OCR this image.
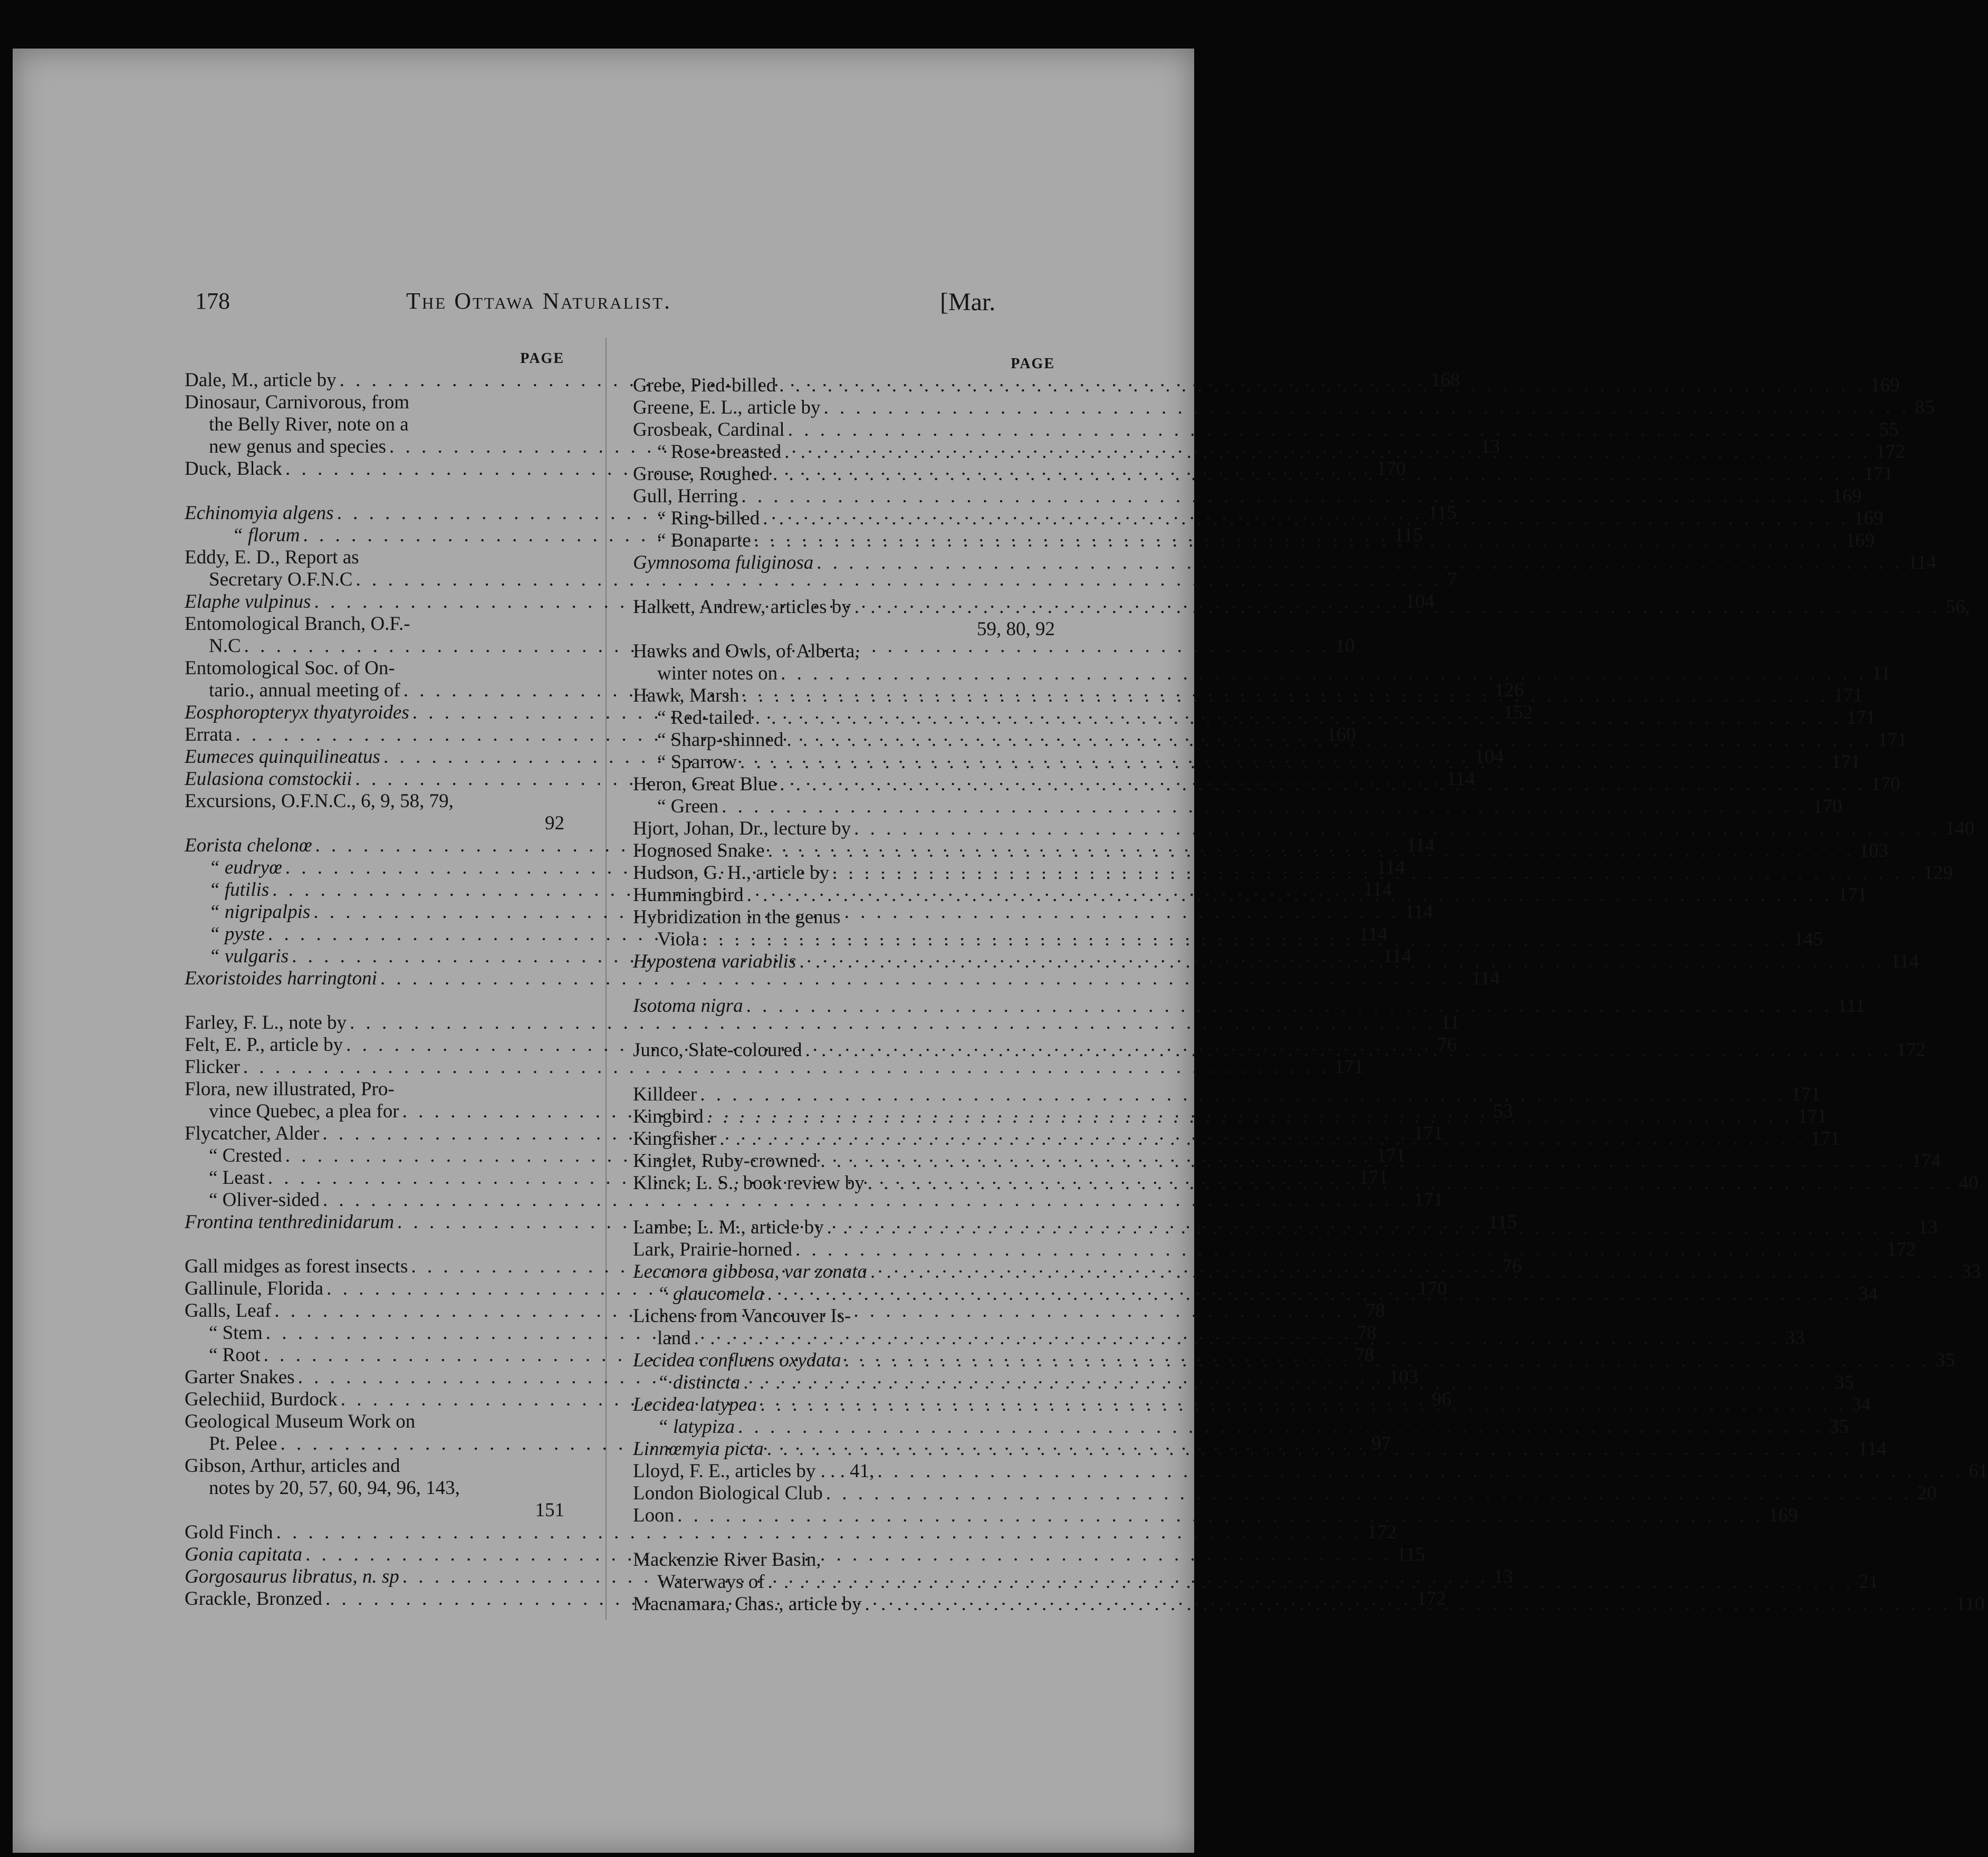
178	The Ottawa Naturalist.	[Mar.
PAGE
Dale, M., article by . . .	168
Dinosaur, Carnivorous, from
the Belly River, note on a
new genus and species . . .	13
Duck, Black . . .	170
Echinomyia algens . . .	115
“ florum . . .	115
Eddy, E. D., Report as
Secretary O.F.N.C . . .	7
Elaphe vulpinus . . .	104
Entomological Branch, O.F.-
N.C . . .	10
Entomological Soc. of On-
tario., annual meeting of . . .	126
Eosphoropteryx thyatyroides . . .	152
Errata . . .	160
Eumeces quinquilineatus . . .	104
Eulasiona comstockii . . .	114
Excursions, O.F.N.C., 6, 9, 58, 79,
92
Eorista chelonœ . . .	114
“ eudryœ . . .	114
“ futilis . . .	114
“ nigripalpis . . .	114
“ pyste . . .	114
“ vulgaris . . .	114
Exoristoides harringtoni . . .	114
Farley, F. L., note by . . .	11
Felt, E. P., article by . . .	76
Flicker . . .	171
Flora, new illustrated, Pro-
vince Quebec, a plea for . . .	53
Flycatcher, Alder . . .	171
“ Crested . . .	171
“ Least . . .	171
“ Oliver-sided . . .	171
Frontina tenthredinidarum . . .	115
Gall midges as forest insects . . .	76
Gallinule, Florida . . .	170
Galls, Leaf . . .	78
“ Stem . . .	78
“ Root . . .	78
Garter Snakes . . .	103
Gelechiid, Burdock . . .	96
Geological Museum Work on
Pt. Pelee . . .	97
Gibson, Arthur, articles and
notes by 20, 57, 60, 94, 96, 143,
151
Gold Finch . . .	172
Gonia capitata . . .	115
Gorgosaurus libratus, n. sp . . .	13
Grackle, Bronzed . . .	172
PAGE
Grebe, Pied-billed . . .	169
Greene, E. L., article by . . .	85
Grosbeak, Cardinal . . .	55
“ Rose-breasted . . .	172
Grouse, Roughed . . .	171
Gull, Herring . . .	169
“ Ring-billed . . .	169
“ Bonaparte . . .	169
Gymnosoma fuliginosa . . .	114
Halkett, Andrew, articles by . . .	56,
59, 80, 92
Hawks and Owls, of Alberta,
winter notes on . . .	11
Hawk, Marsh . . .	171
“ Red-tailed . . .	171
“ Sharp-shinned . . .	171
“ Sparrow . . .	171
Heron, Great Blue . . .	170
“ Green . . .	170
Hjort, Johan, Dr., lecture by . . .	140
Hognosed Snake . . .	103
Hudson, G. H., article by . . .	129
Hummingbird . . .	171
Hybridization in the genus
Viola . . .	145
Hypostena variabilis . . .	114
Isotoma nigra . . .	111
Junco, Slate-coloured . . .	172
Killdeer . . .	171
Kingbird . . .	171
Kingfisher . . .	171
Kinglet, Ruby-crowned . . .	174
Klinck, L. S., book review by . . .	40
Lambe, L. M., article by . . .	13
Lark, Prairie-horned . . .	172
Lecanora gibbosa, var zonata . . .	33
“ glaucomela . . .	34
Lichens from Vancouver Is-
land . . .	33
Lecidea confluens oxydata . . .	35
“ distincta . . .	35
Lecidea latypea . . .	34
“ latypiza . . .	35
Linnœmyia picta . . .	114
Lloyd, F. E., articles by . . . 41, . . .	61
London Biological Club . . .	20
Loon . . .	169
Mackenzie River Basin,
Waterways of . . .	21
Macnamara, Chas., article by . . .	110
